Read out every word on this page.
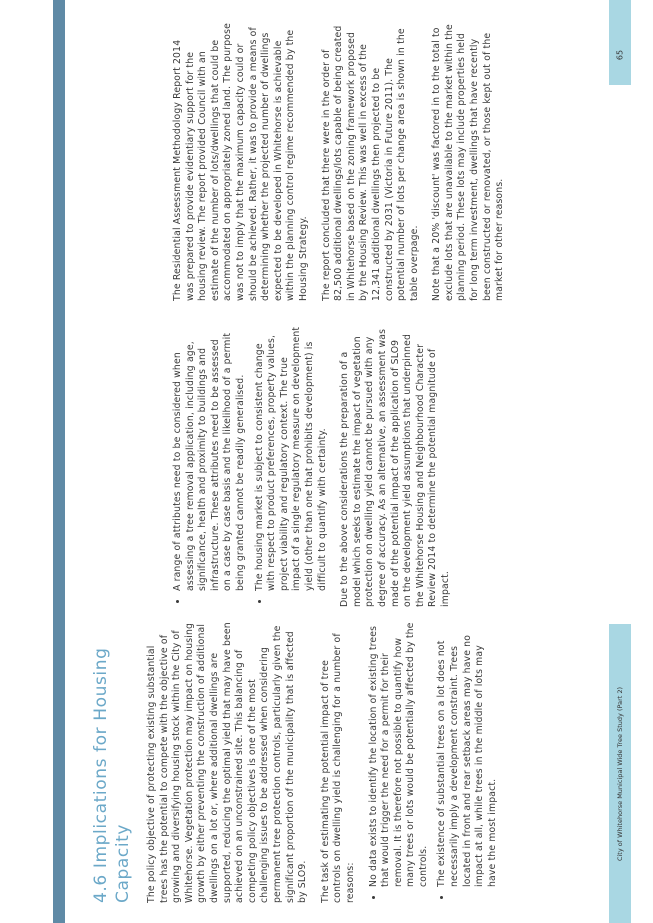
65
City of Whitehorse Municipal Wide Tree Study (Part 2)
4.6 Implications for Housing Capacity The policy objective of protecting existing substantial trees has the potential to compete with the objective of growing and diversifying housing stock within the City of Whitehorse. Vegetation protection may impact on housing growth by either preventing the construction of additional dwellings on a lot or, where additional dwellings are supported, reducing the optimal yield that may have been achieved on an unconstrained site. This balancing of competing policy objectives is one of the most challenging issues to be addressed when considering permanent tree protection controls, particularly given the significant proportion of the municipality that is affected by SLO9. The task of estimating the potential impact of tree controls on dwelling yield is challenging for a number of reasons: • No data exists to identify the location of existing trees that would trigger the need for a permit for their removal. It is therefore not possible to quantify how many trees or lots would be potentially affected by the controls. • The existence of substantial trees on a lot does not necessarily imply a development constraint. Trees located in front and rear setback areas may have no impact at all, while trees in the middle of lots may have the most impact.
• A range of attributes need to be considered when assessing a tree removal application, including age, significance, health and proximity to buildings and infrastructure. These attributes need to be assessed on a case by case basis and the likelihood of a permit being granted cannot be readily generalised. • The housing market is subject to consistent change with respect to product preferences, property values, project viability and regulatory context. The true impact of a single regulatory measure on development yield (other than one that prohibits development) is difficult to quantify with certainty. Due to the above considerations the preparation of a model which seeks to estimate the impact of vegetation protection on dwelling yield cannot be pursued with any degree of accuracy. As an alternative, an assessment was made of the potential impact of the application of SLO9 on the development yield assumptions that underpinned the Whitehorse Housing and Neighbourhood Character Review 2014 to determine the potential magnitude of impact.

The Residential Assessment Methodology Report 2014 was prepared to provide evidentiary support for the housing review. The report provided Council with an estimate of the number of lots/dwellings that could be accommodated on appropriately zoned land. The purpose was not to imply that the maximum capacity could or should be achieved. Rather, it was to provide a means of determining whether the projected number of dwellings expected to be developed in Whitehorse is achievable within the planning control regime recommended by the Housing Strategy. The report concluded that there were in the order of 82,500 additional dwellings/lots capable of being created in Whitehorse based on the zoning framework proposed by the Housing Review. This was well in excess of the 12,341 additional dwellings then projected to be constructed by 2031 (Victoria in Future 2011). The potential number of lots per change area is shown in the table overpage. Note that a 20% 'discount' was factored in to the total to exclude lots that are unavailable to the market within the planning period. These lots may include properties held for long term investment, dwellings that have recently been constructed or renovated, or those kept out of the market for other reasons.
